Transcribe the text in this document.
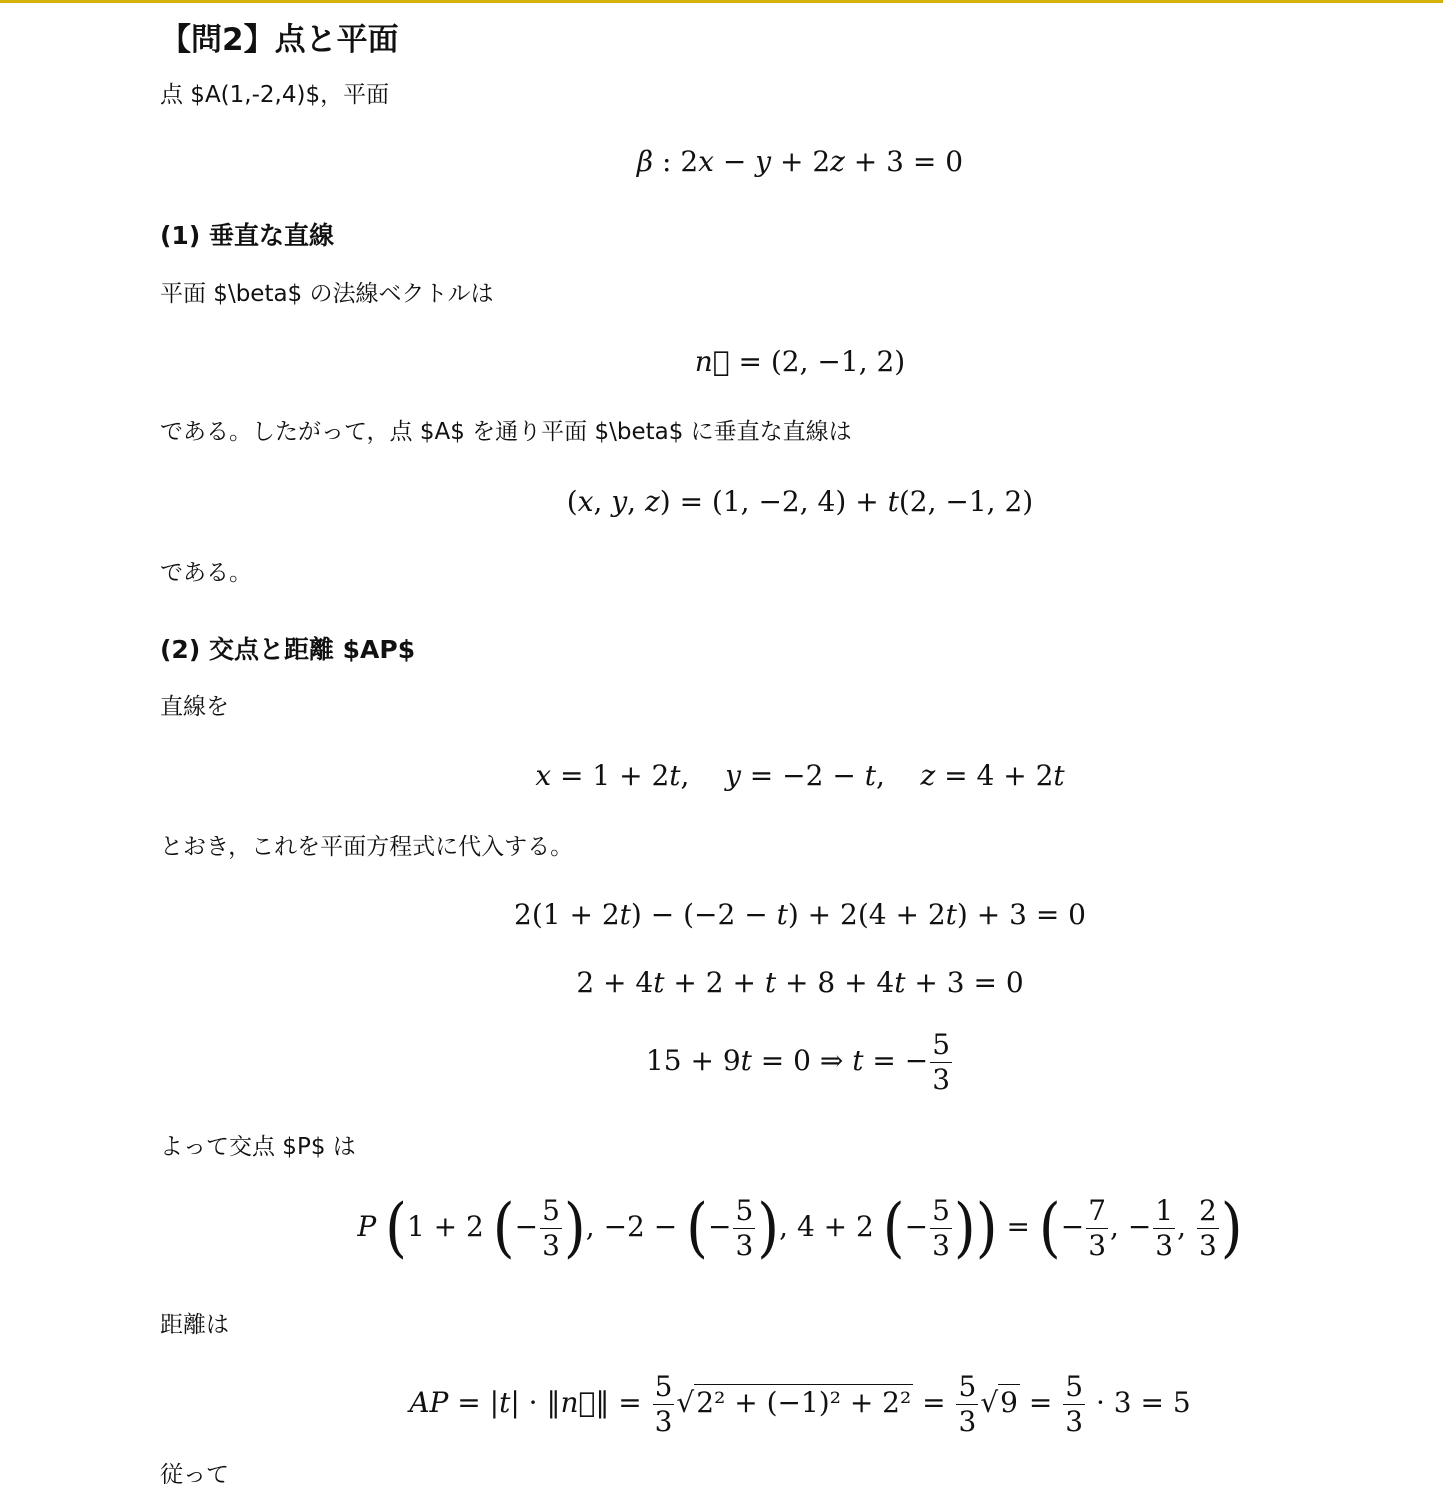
【問2】点と平面
点 $A(1,-2,4)$，平面
β : 2x − y + 2z + 3 = 0
(1) 垂直な直線
平面 $\beta$ の法線ベクトルは
n⃗ = (2, −1, 2)
である。したがって，点 $A$ を通り平面 $\beta$ に垂直な直線は
(x, y, z) = (1, −2, 4) + t(2, −1, 2)
である。
(2) 交点と距離 $AP$
直線を
x = 1 + 2t,    y = −2 − t,    z = 4 + 2t
とおき，これを平面方程式に代入する。
2(1 + 2t) − (−2 − t) + 2(4 + 2t) + 3 = 0
2 + 4t + 2 + t + 8 + 4t + 3 = 0
15 + 9t = 0 ⇒ t = − $\frac{5}{3}$
よって交点 $P$ は
P (1 + 2 (− $\frac{5}{3}$ ), −2 − (− $\frac{5}{3}$ ), 4 + 2 (− $\frac{5}{3}$ )) = (− $\frac{7}{3}$ , − $\frac{1}{3}$ , $\frac{2}{3}$ )
距離は
AP = |t| · ‖n⃗‖ = $\frac{5}{3} √2^2 + (-1)^2 + 2^2 = \frac{5}{3} √9 = \frac{5}{3} \cdot 3 = 5$
従って
